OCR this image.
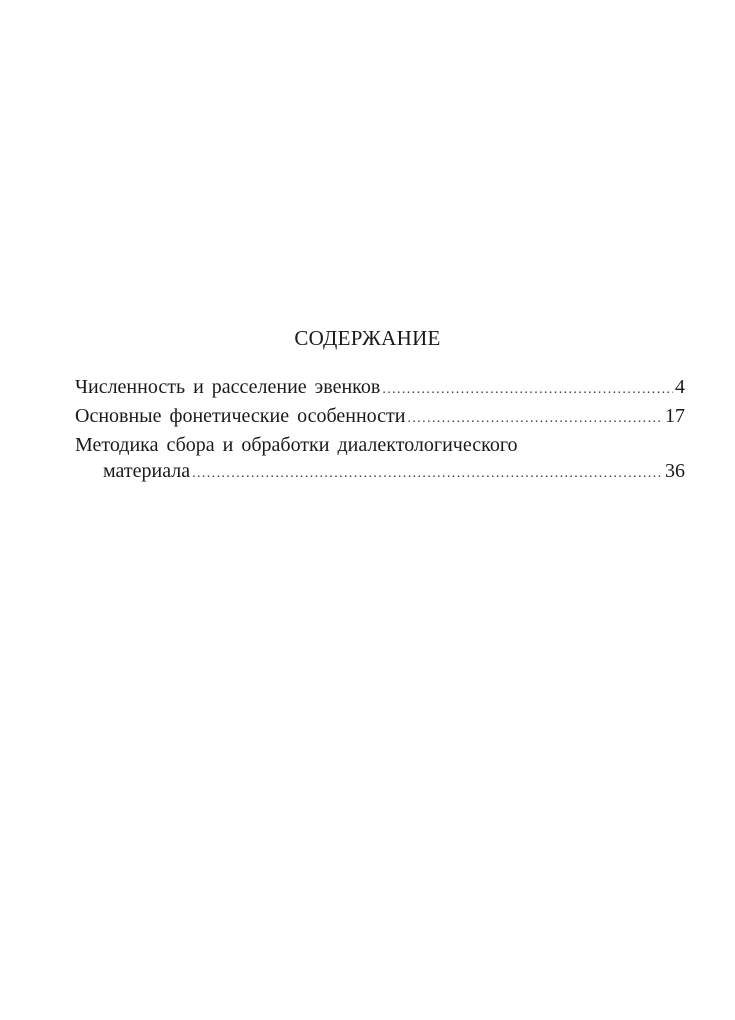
СОДЕРЖАНИЕ
Численность и расселение эвенков .....	4
Основные фонетические особенности .....	17
Методика сбора и обработки диалектологического
материала .....	36
